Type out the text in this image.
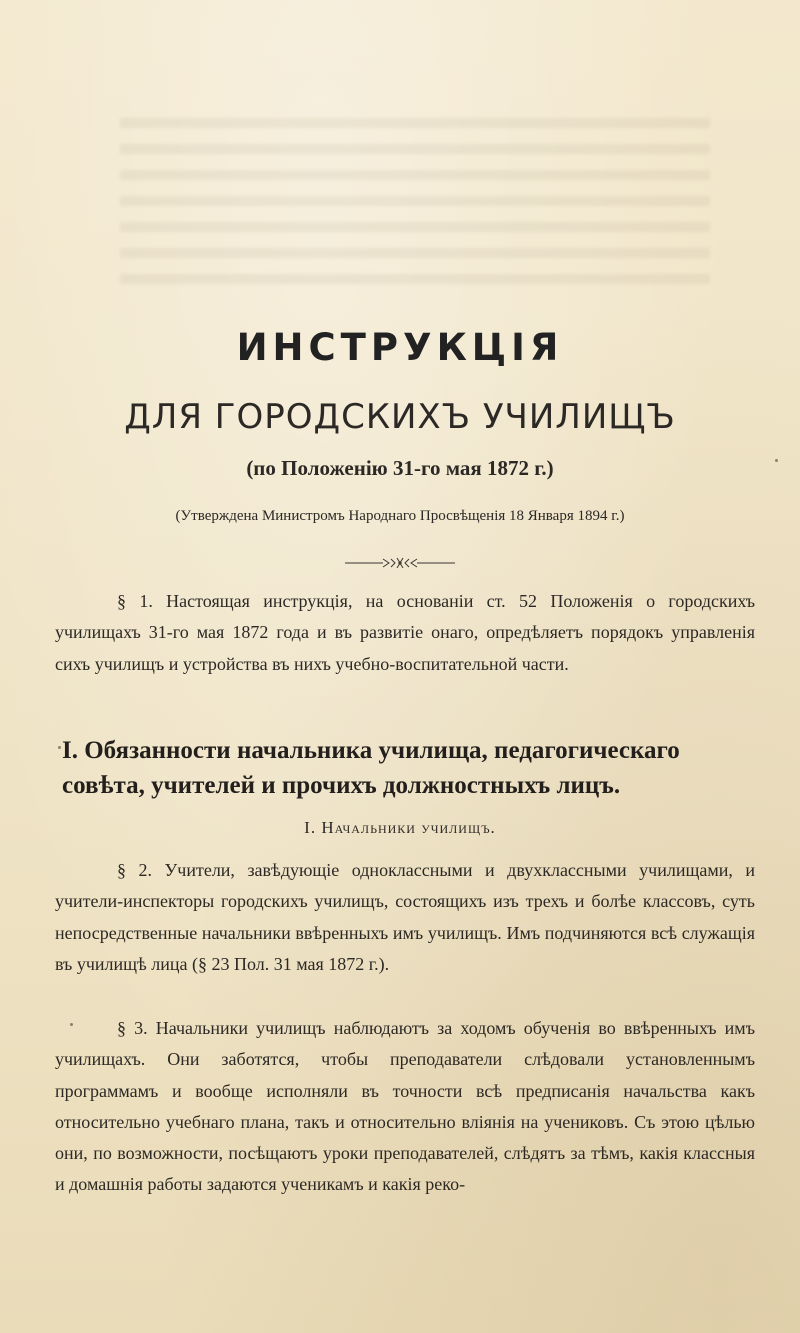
ИНСТРУКЦІЯ
ДЛЯ ГОРОДСКИХЪ УЧИЛИЩЪ
(по Положенію 31-го мая 1872 г.)
(Утверждена Министромъ Народнаго Просвѣщенія 18 Января 1894 г.)

§ 1. Настоящая инструкція, на основаніи ст. 52 Положенія о городскихъ училищахъ 31-го мая 1872 года и въ развитіе онаго, опредѣляетъ порядокъ управленія сихъ училищъ и устройства въ нихъ учебно-воспитательной части.

I. Обязанности начальника училища, педагогическаго совѣта, учителей и прочихъ должностныхъ лицъ.
I. Начальники училищъ.

§ 2. Учители, завѣдующіе одноклассными и двухклассными училищами, и учители-инспекторы городскихъ училищъ, состоящихъ изъ трехъ и болѣе классовъ, суть непосредственные начальники ввѣренныхъ имъ училищъ. Имъ подчиняются всѣ служащія въ училищѣ лица (§ 23 Пол. 31 мая 1872 г.).

§ 3. Начальники училищъ наблюдаютъ за ходомъ обученія во ввѣренныхъ имъ училищахъ. Они заботятся, чтобы преподаватели слѣдовали установленнымъ программамъ и вообще исполняли въ точности всѣ предписанія начальства какъ относительно учебнаго плана, такъ и относительно вліянія на учениковъ. Съ этою цѣлью они, по возможности, посѣщаютъ уроки преподавателей, слѣдятъ за тѣмъ, какія классныя и домашнія работы задаются ученикамъ и какія реко-
